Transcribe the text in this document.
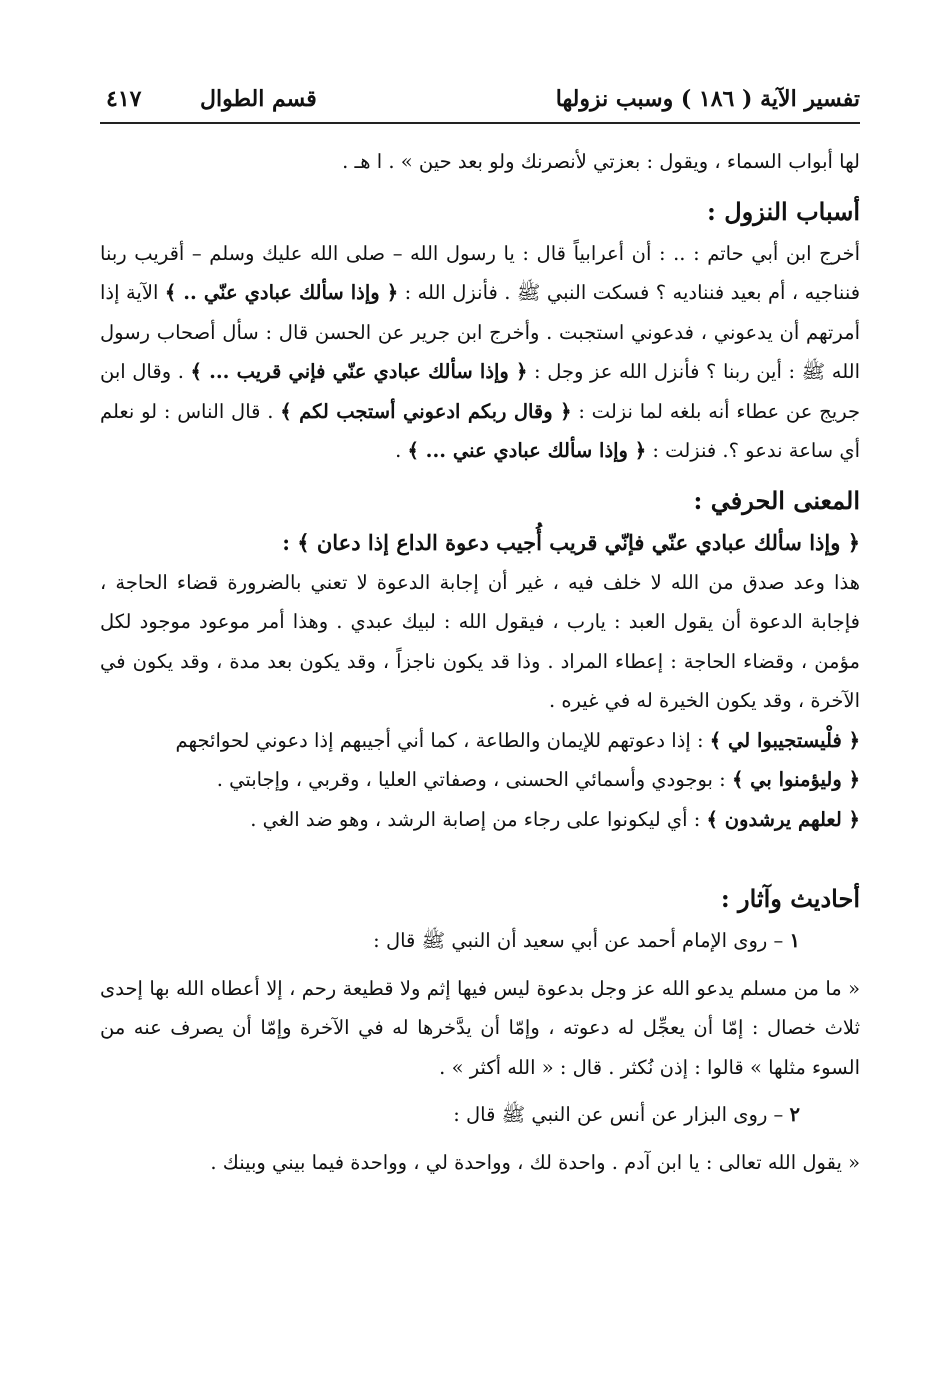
تفسير الآية ( ١٨٦ ) وسبب نزولها
قسم الطوال
٤١٧

لها أبواب السماء ، ويقول : بعزتي لأنصرنك ولو بعد حين » . ا هـ .

أسباب النزول :

أخرج ابن أبي حاتم : .. : أن أعرابياً قال : يا رسول الله – صلى الله عليك وسلم – أقريب ربنا فنناجيه ، أم بعيد فنناديه ؟ فسكت النبي ﷺ . فأنزل الله : ﴿ وإذا سألك عبادي عنّي .. ﴾ الآية إذا أمرتهم أن يدعوني ، فدعوني استجبت . وأخرج ابن جرير عن الحسن قال : سأل أصحاب رسول الله ﷺ : أين ربنا ؟ فأنزل الله عز وجل : ﴿ وإذا سألك عبادي عنّي فإني قريب ... ﴾ . وقال ابن جريج عن عطاء أنه بلغه لما نزلت : ﴿ وقال ربكم ادعوني أستجب لكم ﴾ . قال الناس : لو نعلم أي ساعة ندعو ؟. فنزلت : ﴿ وإذا سألك عبادي عني ... ﴾ .

المعنى الحرفي :
﴿ وإذا سألك عبادي عنّي فإنّي قريب أُجيب دعوة الداع إذا دعان ﴾ :

هذا وعد صدق من الله لا خلف فيه ، غير أن إجابة الدعوة لا تعني بالضرورة قضاء الحاجة ، فإجابة الدعوة أن يقول العبد : يارب ، فيقول الله : لبيك عبدي . وهذا أمر موعود موجود لكل مؤمن ، وقضاء الحاجة : إعطاء المراد . وذا قد يكون ناجزاً ، وقد يكون بعد مدة ، وقد يكون في الآخرة ، وقد يكون الخيرة له في غيره .

﴿ فلْيستجيبوا لي ﴾ : إذا دعوتهم للإيمان والطاعة ، كما أني أجيبهم إذا دعوني لحوائجهم

﴿ وليؤمنوا بي ﴾ : بوجودي وأسمائي الحسنى ، وصفاتي العليا ، وقربي ، وإجابتي .

﴿ لعلهم يرشدون ﴾ : أي ليكونوا على رجاء من إصابة الرشد ، وهو ضد الغي .

أحاديث وآثار :

١ – روى الإمام أحمد عن أبي سعيد أن النبي ﷺ قال :

« ما من مسلم يدعو الله عز وجل بدعوة ليس فيها إثم ولا قطيعة رحم ، إلا أعطاه الله بها إحدى ثلاث خصال : إمّا أن يعجِّل له دعوته ، وإمّا أن يدَّخرها له في الآخرة وإمّا أن يصرف عنه من السوء مثلها » قالوا : إذن نُكثر . قال : « الله أكثر » .

٢ – روى البزار عن أنس عن النبي ﷺ قال :

« يقول الله تعالى : يا ابن آدم . واحدة لك ، وواحدة لي ، وواحدة فيما بيني وبينك .
